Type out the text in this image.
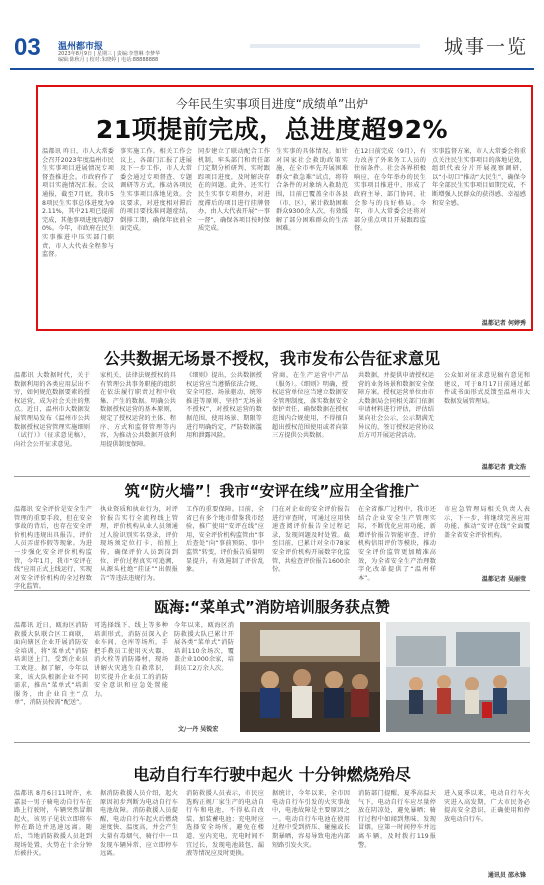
03 温州都市报
2023年8月9日 | 星期三 | 责编:李慧琳 李梦华
编辑:陈秋月 | 校对:朱晓婷 | 电话:88888888
城事一览
今年民生实事项目进度“成绩单”出炉
21项提前完成，总进度超92%
温都讯 昨日，市人大常委会召开2023年度温州市民生实事项目进展情况专项督查推进会。市政府作了项目实施情况汇报。会议通报，截至7月底，我市58项民生实事总体进度为92.11%，其中21项已提前完成，其他事项进度均超70%。今年，市政府在民生实事推进中压实部门职责，市人大代表全程参与监督。
事实施工作。相关工作会议上，各部门汇报了进展及下一步工作，市人大常委会通过专项督查、专题调研等方式，推动各项民生实事项目落地见效。会议要求，对进度相对滞后的项目要找准问题症结，倒排工期，确保年底前全面完成。
同步建立了联动配合工作机制，牢头部门和责任部门定期分析研判，实时跟踪项目进度，及时解决存在的问题。此外，还实行民生实事专项督办，对进度滞后的项目进行挂牌督办，由人大代表开展“一事一督”，确保各项目按时保质完成。
生实事的具体情况。如针对国家社会救助政策实施，在全市率先开展困难群众“救急难”试点，将符合条件的对象纳入救助范围，目前已覆盖全市各县（市、区），累计救助困难群众9300余人次，有效缓解了部分困难群众的生活困难。
在12日前完成（9月），有力改善了外来务工人员的住宿条件。社会各界积极响应，在今年举办的民生实事项目推进中，形成了政府主导、部门协同、社会参与的良好格局。今年，市人大常委会还将对部分重点项目开展跟踪监督。
实事监督方案，市人大常委会将重点关注民生实事项目的落地见效，组织代表分片开展视察调研，以“小切口”推动“大民生”，确保今年全部民生实事项目如期完成，不断增强人民群众的获得感、幸福感和安全感。
温都记者 何婷秀
公共数据无场景不授权，我市发布公告征求意见
温都讯 大数据时代，关于数据利用的各类应用层出不穷，如何规范数据要素的授权运营，成为社会关注的焦点。近日，温州市大数据发展管理局发布《温州市公共数据授权运营管理实施细则（试行）》（征求意见稿），向社会公开征求意见。
家机关、法律法规授权的具有管理公共事务职能的组织在依法履行职责过程中收集、产生的数据。明确公共数据授权运营的基本原则，规定了授权运营的主体、程序、方式和监督管理等内容，为推动公共数据开放利用提供制度保障。
《细则》提出，公共数据授权运营应当遵循依法合规、安全可控、场景驱动、统筹推进等原则，坚持“无场景不授权”，对授权运营的数据范围、使用场景、期限等进行明确约定，严防数据滥用和泄露风险。
营商，在生产运营中产品（服务）。《细则》明确，授权运营单位应当建立数据安全管理制度，落实数据安全保护责任，确保数据在授权范围内合规使用，不得擅自超出授权范围使用或者向第三方提供公共数据。
共数据，并提供申请授权运营的业务场景和数据安全保障方案。授权运营单位由市大数据局会同相关部门依据申请材料进行评估，评估结果向社会公示，公示期满无异议的，签订授权运营协议后方可开展运营活动。
公众如对征求意见稿有意见和建议，可于8月17日前通过邮件或书面形式反馈至温州市大数据发展管理局。
温都记者 黄文浩
筑“防火墙”！我市“安评在线”应用全省推广
温都讯 安全评价是安全生产管理的重要手段，但在安全事故的背后，也存在安全评价机构违规出具报告、评价人员弄虚作假等现象。为进一步强化安全评价机构监管，今年1月，我市“安评在线”应用正式上线运行，实现对安全评价机构的全过程数字化监管。
执业资质和执业行为，对评价报告实行全流程线上管理，评价机构从业人员须通过人脸识别实名登录，评价现场须定位打卡、拍照上传，确保评价人员到岗到位、评价过程真实可追溯，从源头杜绝“挂证”“出假报告”等违法违规行为。
工作的重要保障。目前，全省已有多个地市借鉴我市经验，推广使用“安评在线”应用，安全评价机构监管由“事后查处”向“事前预防、事中监管”转变，评价报告质量明显提升，有效遏制了评价乱象。
门在对企业的安全评价报告进行审查时，可通过应用快速查阅评价报告全过程记录，发现问题及时处置。截至目前，已累计对全市78家安全评价机构开展数字化监管，共检查评价报告1600余份。
在全省推广过程中，我市还结合企业安全生产管理实际，不断优化应用功能，新增评价报告智能审查、评价机构信用评价等模块，推动安全评价监管更加精准高效，为全省安全生产治理数字化改革提供了“温州样本”。
市应急管理局相关负责人表示，下一步，将继续完善应用功能，推动“安评在线”全面覆盖全省安全评价机构。
温都记者 吴丽莹
瓯海:“菜单式”消防培训服务获点赞
温都讯 近日，瓯海区消防救援大队联合区工商联，面向辖区企业开展消防安全培训，将“菜单式”消防培训送上门，受到企业员工欢迎。据了解，今年以来，该大队根据企业不同需求，推出“菜单式”培训服务，由企业自主“点单”，消防员按需“配送”。
可选择线下、线上等多种培训形式，消防员深入企业车间、仓库等场所，手把手教员工使用灭火器、消火栓等消防器材，现场讲解火灾逃生自救常识，切实提升企业员工的消防安全意识和应急处置能力。
今年以来，瓯海区消防救援大队已累计开展各类“菜单式”消防培训110余场次，覆盖企业1000余家，培训员工2万余人次。
文/一丹 吴锐宏
电动自行车行驶中起火 十分钟燃烧殆尽
温都讯 8月6日11时许，永嘉县一男子骑电动自行车在路上行驶时，车辆突然冒烟起火，该男子见状立即将车停在路边并迅速远离。随后，当地消防救援人员赶到现场处置，火势在十余分钟后被扑灭。
据消防救援人员介绍，起火原因初步判断为电动自行车电池故障。消防救援人员提醒，电动自行车起火后燃烧速度快、温度高，并会产生大量有毒烟气，骑行中一旦发现车辆异常，应立即停车远离。
消防救援人员表示，市民应选购正规厂家生产的电动自行车和电池，不得私自改装、加装蓄电池；充电时应选择安全场所，避免在楼道、室内充电，充电时间不宜过长，发现电池鼓包、漏液等情况应及时更换。
据统计，今年以来，全市因电动自行车引发的火灾事故中，电池故障是主要原因之一。电动自行车电池在使用过程中受到挤压、碰撞或长期暴晒，容易导致电池内部短路引发火灾。
消防部门提醒，夏季高温天气下，电动自行车应尽量停放在阴凉处，避免暴晒；骑行过程中如闻到焦味、发现冒烟，应第一时间停车并远离车辆，及时拨打119报警。
进入夏季以来，电动自行车火灾进入高发期，广大市民务必提高安全意识，正确使用和停放电动自行车。
通讯员 邵永锋
